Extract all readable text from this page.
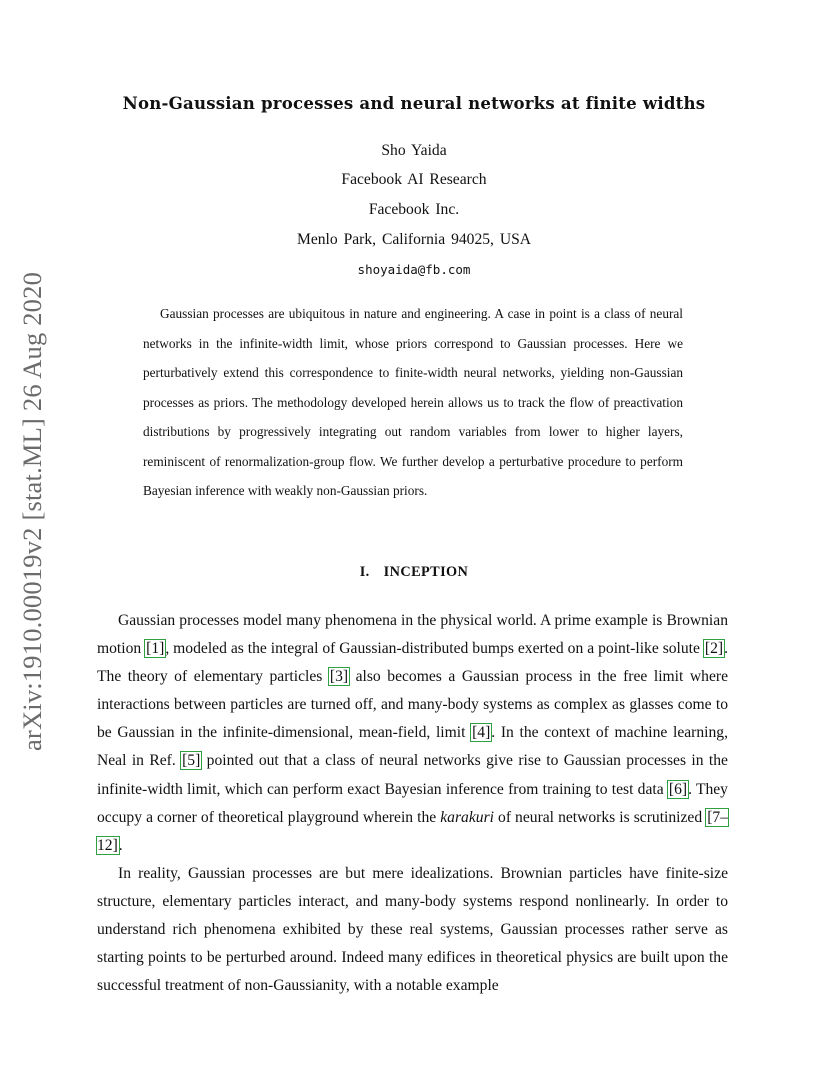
arXiv:1910.00019v2 [stat.ML] 26 Aug 2020
Non-Gaussian processes and neural networks at finite widths
Sho Yaida
Facebook AI Research
Facebook Inc.
Menlo Park, California 94025, USA
shoyaida@fb.com
Gaussian processes are ubiquitous in nature and engineering. A case in point is a class of neural networks in the infinite-width limit, whose priors correspond to Gaussian processes. Here we perturbatively extend this correspondence to finite-width neural networks, yielding non-Gaussian processes as priors. The methodology developed herein allows us to track the flow of preactivation distributions by progressively integrating out random variables from lower to higher layers, reminiscent of renormalization-group flow. We further develop a perturbative procedure to perform Bayesian inference with weakly non-Gaussian priors.
I. INCEPTION
Gaussian processes model many phenomena in the physical world. A prime example is Brownian motion [1], modeled as the integral of Gaussian-distributed bumps exerted on a point-like solute [2]. The theory of elementary particles [3] also becomes a Gaussian process in the free limit where interactions between particles are turned off, and many-body systems as complex as glasses come to be Gaussian in the infinite-dimensional, mean-field, limit [4]. In the context of machine learning, Neal in Ref. [5] pointed out that a class of neural networks give rise to Gaussian processes in the infinite-width limit, which can perform exact Bayesian inference from training to test data [6]. They occupy a corner of theoretical playground wherein the karakuri of neural networks is scrutinized [7–12].
In reality, Gaussian processes are but mere idealizations. Brownian particles have finite-size structure, elementary particles interact, and many-body systems respond nonlinearly. In order to understand rich phenomena exhibited by these real systems, Gaussian processes rather serve as starting points to be perturbed around. Indeed many edifices in theoretical physics are built upon the successful treatment of non-Gaussianity, with a notable example
